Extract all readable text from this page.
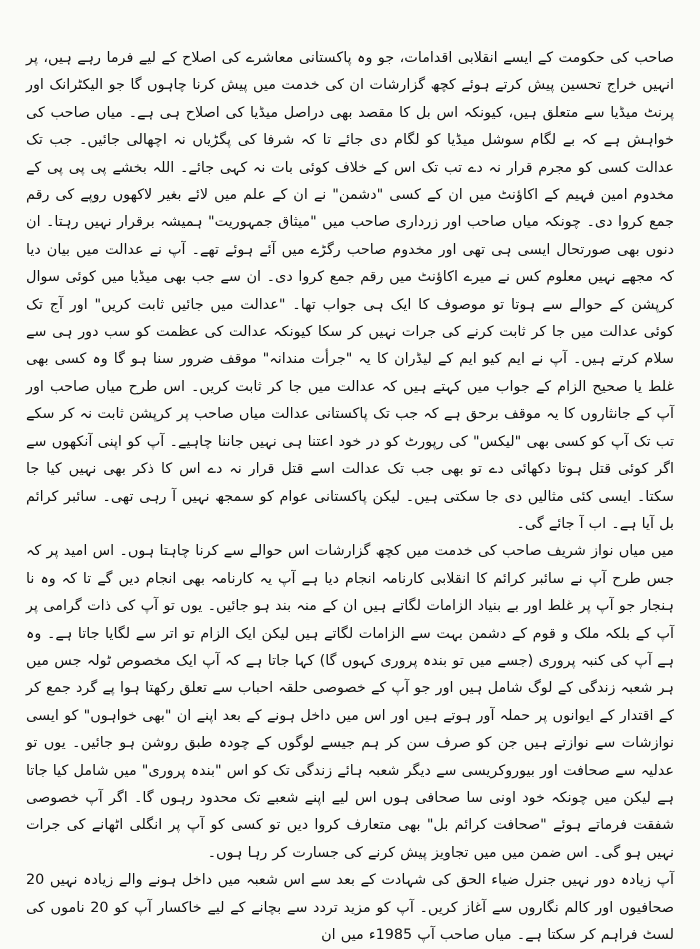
صاحب کی حکومت کے ایسے انقلابی اقدامات، جو وہ پاکستانی معاشرے کی اصلاح کے لیے فرما رہے ہیں، پر انہیں خراج تحسین پیش کرتے ہوئے کچھ گزارشات ان کی خدمت میں پیش کرنا چاہوں گا جو الیکٹرانک اور پرنٹ میڈیا سے متعلق ہیں، کیونکہ اس بل کا مقصد بھی دراصل میڈیا کی اصلاح ہی ہے۔ میاں صاحب کی خواہش ہے کہ بے لگام سوشل میڈیا کو لگام دی جائے تا کہ شرفا کی پگڑیاں نہ اچھالی جائیں۔ جب تک عدالت کسی کو مجرم قرار نہ دے تب تک اس کے خلاف کوئی بات نہ کہی جائے۔ اللہ بخشے پی پی پی کے مخدوم امین فہیم کے اکاؤنٹ میں ان کے کسی "دشمن" نے ان کے علم میں لائے بغیر لاکھوں روپے کی رقم جمع کروا دی۔ چونکہ میاں صاحب اور زرداری صاحب میں "میثاق جمہوریت" ہمیشہ برقرار نہیں رہتا۔ ان دنوں بھی صورتحال ایسی ہی تھی اور مخدوم صاحب رگڑے میں آئے ہوئے تھے۔ آپ نے عدالت میں بیان دیا کہ مجھے نہیں معلوم کس نے میرے اکاؤنٹ میں رقم جمع کروا دی۔ ان سے جب بھی میڈیا میں کوئی سوال کرپشن کے حوالے سے ہوتا تو موصوف کا ایک ہی جواب تھا۔ "عدالت میں جائیں ثابت کریں" اور آج تک کوئی عدالت میں جا کر ثابت کرنے کی جرات نہیں کر سکا کیونکہ عدالت کی عظمت کو سب دور ہی سے سلام کرتے ہیں۔ آپ نے ایم کیو ایم کے لیڈران کا یہ "جرأت مندانہ" موقف ضرور سنا ہو گا وہ کسی بھی غلط یا صحیح الزام کے جواب میں کہتے ہیں کہ عدالت میں جا کر ثابت کریں۔ اس طرح میاں صاحب اور آپ کے جانثاروں کا یہ موقف برحق ہے کہ جب تک پاکستانی عدالت میاں صاحب پر کرپشن ثابت نہ کر سکے تب تک آپ کو کسی بھی "لیکس" کی رپورٹ کو در خود اعتنا ہی نہیں جاننا چاہیے۔ آپ کو اپنی آنکھوں سے اگر کوئی قتل ہوتا دکھائی دے تو بھی جب تک عدالت اسے قتل قرار نہ دے اس کا ذکر بھی نہیں کیا جا سکتا۔ ایسی کئی مثالیں دی جا سکتی ہیں۔ لیکن پاکستانی عوام کو سمجھ نہیں آ رہی تھی۔ سائبر کرائم بل آیا ہے۔ اب آ جائے گی۔

میں میاں نواز شریف صاحب کی خدمت میں کچھ گزارشات اس حوالے سے کرنا چاہتا ہوں۔ اس امید پر کہ جس طرح آپ نے سائبر کرائم کا انقلابی کارنامہ انجام دیا ہے آپ یہ کارنامہ بھی انجام دیں گے تا کہ وہ نا ہنجار جو آپ پر غلط اور بے بنیاد الزامات لگاتے ہیں ان کے منہ بند ہو جائیں۔ یوں تو آپ کی ذات گرامی پر آپ کے بلکہ ملک و قوم کے دشمن بہت سے الزامات لگاتے ہیں لیکن ایک الزام تو اتر سے لگایا جاتا ہے۔ وہ ہے آپ کی کنبہ پروری (جسے میں تو بندہ پروری کہوں گا) کہا جاتا ہے کہ آپ ایک مخصوص ٹولہ جس میں ہر شعبہ زندگی کے لوگ شامل ہیں اور جو آپ کے خصوصی حلقہ احباب سے تعلق رکھتا ہوا پے گرد جمع کر کے اقتدار کے ایوانوں پر حملہ آور ہوتے ہیں اور اس میں داخل ہونے کے بعد اپنے ان "بھی خواہوں" کو ایسی نوازشات سے نوازتے ہیں جن کو صرف سن کر ہم جیسے لوگوں کے چودہ طبق روشن ہو جائیں۔ یوں تو عدلیہ سے صحافت اور بیوروکریسی سے دیگر شعبہ ہائے زندگی تک کو اس "بندہ پروری" میں شامل کیا جاتا ہے لیکن میں چونکہ خود اونی سا صحافی ہوں اس لیے اپنے شعبے تک محدود رہوں گا۔ اگر آپ خصوصی شفقت فرماتے ہوئے "صحافت کرائم بل" بھی متعارف کروا دیں تو کسی کو آپ پر انگلی اٹھانے کی جرات نہیں ہو گی۔ اس ضمن میں میں تجاویز پیش کرنے کی جسارت کر رہا ہوں۔

آپ زیادہ دور نہیں جنرل ضیاء الحق کی شہادت کے بعد سے اس شعبہ میں داخل ہونے والے زیادہ نہیں 20 صحافیوں اور کالم نگاروں سے آغاز کریں۔ آپ کو مزید تردد سے بچانے کے لیے خاکسار آپ کو 20 ناموں کی لسٹ فراہم کر سکتا ہے۔ میاں صاحب آپ 1985ء میں ان
